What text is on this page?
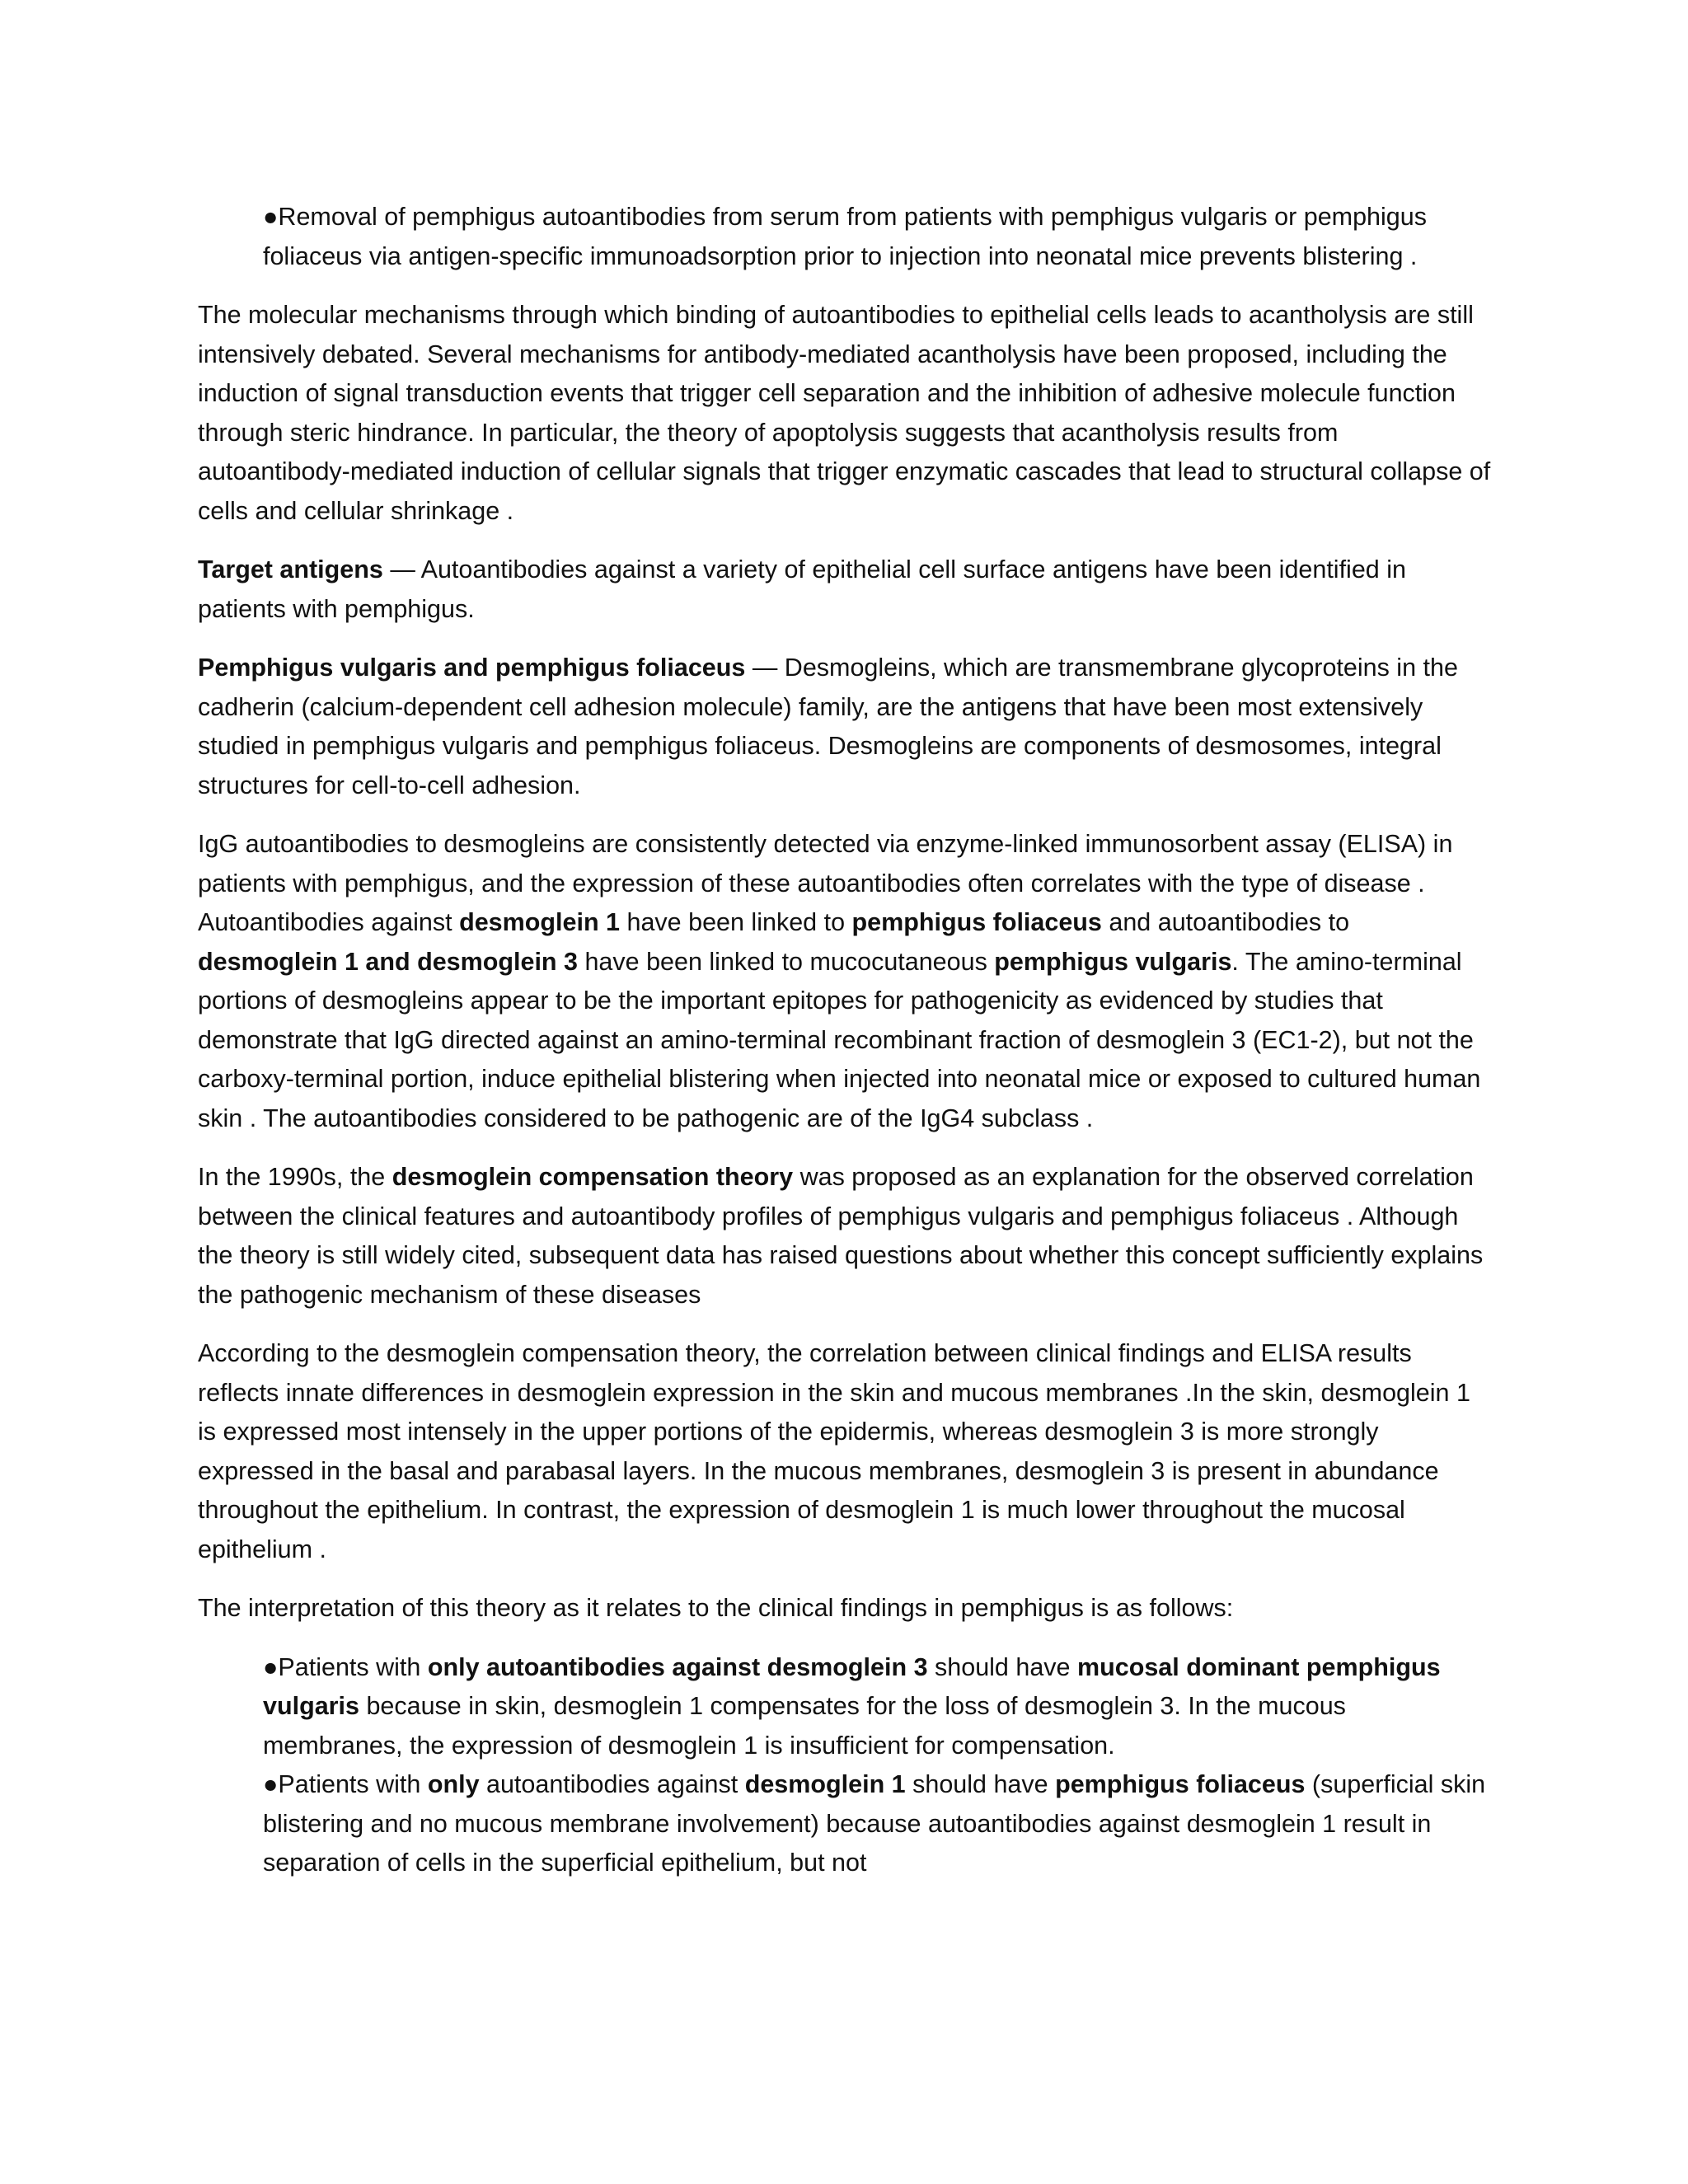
●Removal of pemphigus autoantibodies from serum from patients with pemphigus vulgaris or pemphigus foliaceus via antigen-specific immunoadsorption prior to injection into neonatal mice prevents blistering .

The molecular mechanisms through which binding of autoantibodies to epithelial cells leads to acantholysis are still intensively debated. Several mechanisms for antibody-mediated acantholysis have been proposed, including the induction of signal transduction events that trigger cell separation and the inhibition of adhesive molecule function through steric hindrance. In particular, the theory of apoptolysis suggests that acantholysis results from autoantibody-mediated induction of cellular signals that trigger enzymatic cascades that lead to structural collapse of cells and cellular shrinkage .

Target antigens — Autoantibodies against a variety of epithelial cell surface antigens have been identified in patients with pemphigus.

Pemphigus vulgaris and pemphigus foliaceus — Desmogleins, which are transmembrane glycoproteins in the cadherin (calcium-dependent cell adhesion molecule) family, are the antigens that have been most extensively studied in pemphigus vulgaris and pemphigus foliaceus. Desmogleins are components of desmosomes, integral structures for cell-to-cell adhesion.

IgG autoantibodies to desmogleins are consistently detected via enzyme-linked immunosorbent assay (ELISA) in patients with pemphigus, and the expression of these autoantibodies often correlates with the type of disease . Autoantibodies against desmoglein 1 have been linked to pemphigus foliaceus and autoantibodies to desmoglein 1 and desmoglein 3 have been linked to mucocutaneous pemphigus vulgaris. The amino-terminal portions of desmogleins appear to be the important epitopes for pathogenicity as evidenced by studies that demonstrate that IgG directed against an amino-terminal recombinant fraction of desmoglein 3 (EC1-2), but not the carboxy-terminal portion, induce epithelial blistering when injected into neonatal mice or exposed to cultured human skin . The autoantibodies considered to be pathogenic are of the IgG4 subclass .

In the 1990s, the desmoglein compensation theory was proposed as an explanation for the observed correlation between the clinical features and autoantibody profiles of pemphigus vulgaris and pemphigus foliaceus . Although the theory is still widely cited, subsequent data has raised questions about whether this concept sufficiently explains the pathogenic mechanism of these diseases

According to the desmoglein compensation theory, the correlation between clinical findings and ELISA results reflects innate differences in desmoglein expression in the skin and mucous membranes .In the skin, desmoglein 1 is expressed most intensely in the upper portions of the epidermis, whereas desmoglein 3 is more strongly expressed in the basal and parabasal layers. In the mucous membranes, desmoglein 3 is present in abundance throughout the epithelium. In contrast, the expression of desmoglein 1 is much lower throughout the mucosal epithelium .

The interpretation of this theory as it relates to the clinical findings in pemphigus is as follows:

●Patients with only autoantibodies against desmoglein 3 should have mucosal dominant pemphigus vulgaris because in skin, desmoglein 1 compensates for the loss of desmoglein 3. In the mucous membranes, the expression of desmoglein 1 is insufficient for compensation.

●Patients with only autoantibodies against desmoglein 1 should have pemphigus foliaceus (superficial skin blistering and no mucous membrane involvement) because autoantibodies against desmoglein 1 result in separation of cells in the superficial epithelium, but not
